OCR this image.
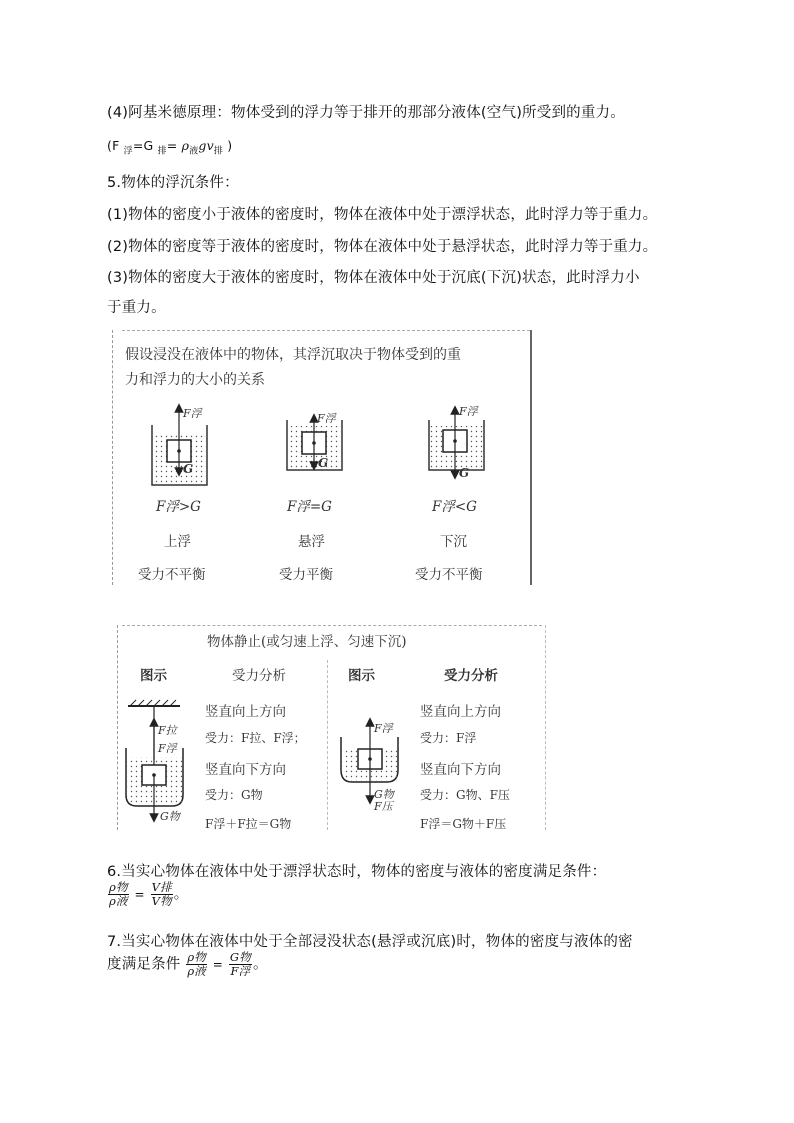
(4)阿基米德原理：物体受到的浮力等于排开的那部分液体(空气)所受到的重力。
(F $_浮$=G $_排= \rho_液gv_排$ )
5.物体的浮沉条件：
(1)物体的密度小于液体的密度时，物体在液体中处于漂浮状态，此时浮力等于重力。
(2)物体的密度等于液体的密度时，物体在液体中处于悬浮状态，此时浮力等于重力。
(3)物体的密度大于液体的密度时，物体在液体中处于沉底(下沉)状态，此时浮力小
于重力。
假设浸没在液体中的物体，其浮沉取决于物体受到的重
力和浮力的大小的关系
F浮
G
F浮
G
F浮
G
F浮>G	F浮=G	F浮<G
上浮	悬浮	下沉
受力不平衡	受力平衡	受力不平衡
物体静止(或匀速上浮、匀速下沉)
图示	受力分析	图示	受力分析
竖直向上方向
受力：F拉、F浮；
竖直向下方向
受力：G物
F浮＋F拉＝G物
竖直向上方向
受力：F浮
竖直向下方向
受力：G物、F压
F浮＝G物＋F压
F拉
F浮
G物
F浮
G物
F压
6.当实心物体在液体中处于漂浮状态时，物体的密度与液体的密度满足条件：
$\frac{\text{ρ物}}{\text{ρ液}} = \frac{\text{V排}}{\text{V物}}$ 。
7.当实心物体在液体中处于全部浸没状态(悬浮或沉底)时，物体的密度与液体的密
度满足条件 $\frac{\text{ρ物}}{\text{ρ液}} = \frac{\text{G物}}{\text{F浮}}$ 。
